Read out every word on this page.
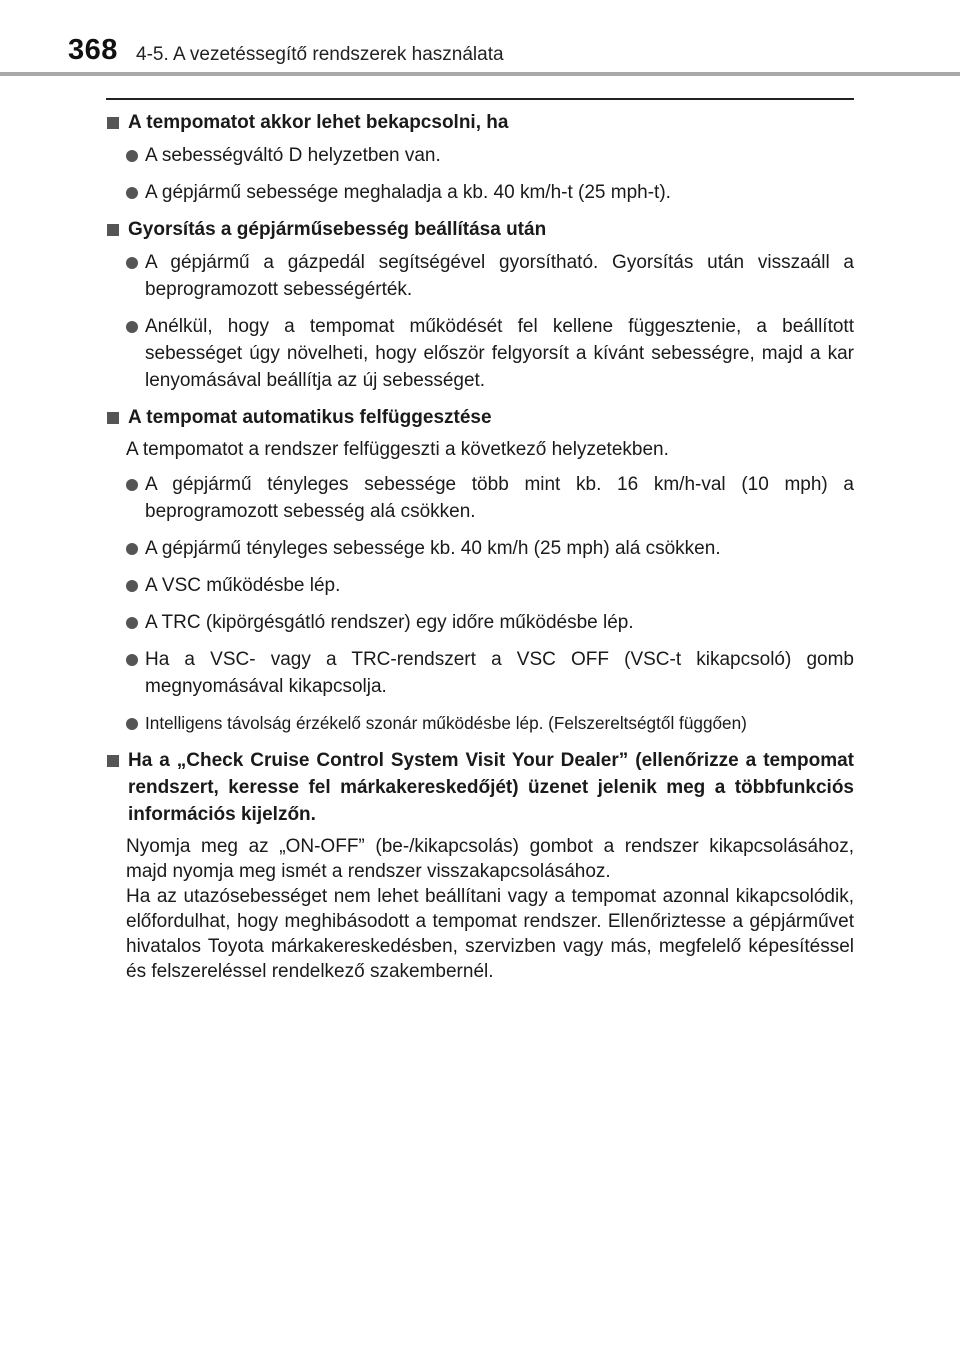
368 4-5. A vezetéssegítő rendszerek használata
A tempomatot akkor lehet bekapcsolni, ha
A sebességváltó D helyzetben van.
A gépjármű sebessége meghaladja a kb. 40 km/h-t (25 mph-t).
Gyorsítás a gépjárműsebesség beállítása után
A gépjármű a gázpedál segítségével gyorsítható. Gyorsítás után visszaáll a beprogramozott sebességérték.
Anélkül, hogy a tempomat működését fel kellene függesztenie, a beállított sebességet úgy növelheti, hogy először felgyorsít a kívánt sebességre, majd a kar lenyomásával beállítja az új sebességet.
A tempomat automatikus felfüggesztése
A tempomatot a rendszer felfüggeszti a következő helyzetekben.
A gépjármű tényleges sebessége több mint kb. 16 km/h-val (10 mph) a beprogramozott sebesség alá csökken.
A gépjármű tényleges sebessége kb. 40 km/h (25 mph) alá csökken.
A VSC működésbe lép.
A TRC (kipörgésgátló rendszer) egy időre működésbe lép.
Ha a VSC- vagy a TRC-rendszert a VSC OFF (VSC-t kikapcsoló) gomb megnyomásával kikapcsolja.
Intelligens távolság érzékelő szonár működésbe lép. (Felszereltségtől függően)
Ha a „Check Cruise Control System Visit Your Dealer” (ellenőrizze a tempomat rendszert, keresse fel márkakereskedőjét) üzenet jelenik meg a többfunkciós információs kijelzőn.
Nyomja meg az „ON-OFF” (be-/kikapcsolás) gombot a rendszer kikapcsolásához, majd nyomja meg ismét a rendszer visszakapcsolásához.
Ha az utazósebességet nem lehet beállítani vagy a tempomat azonnal kikapcsolódik, előfordulhat, hogy meghibásodott a tempomat rendszer. Ellenőriztesse a gépjárművet hivatalos Toyota márkakereskedésben, szervizben vagy más, megfelelő képesítéssel és felszereléssel rendelkező szakembernél.
